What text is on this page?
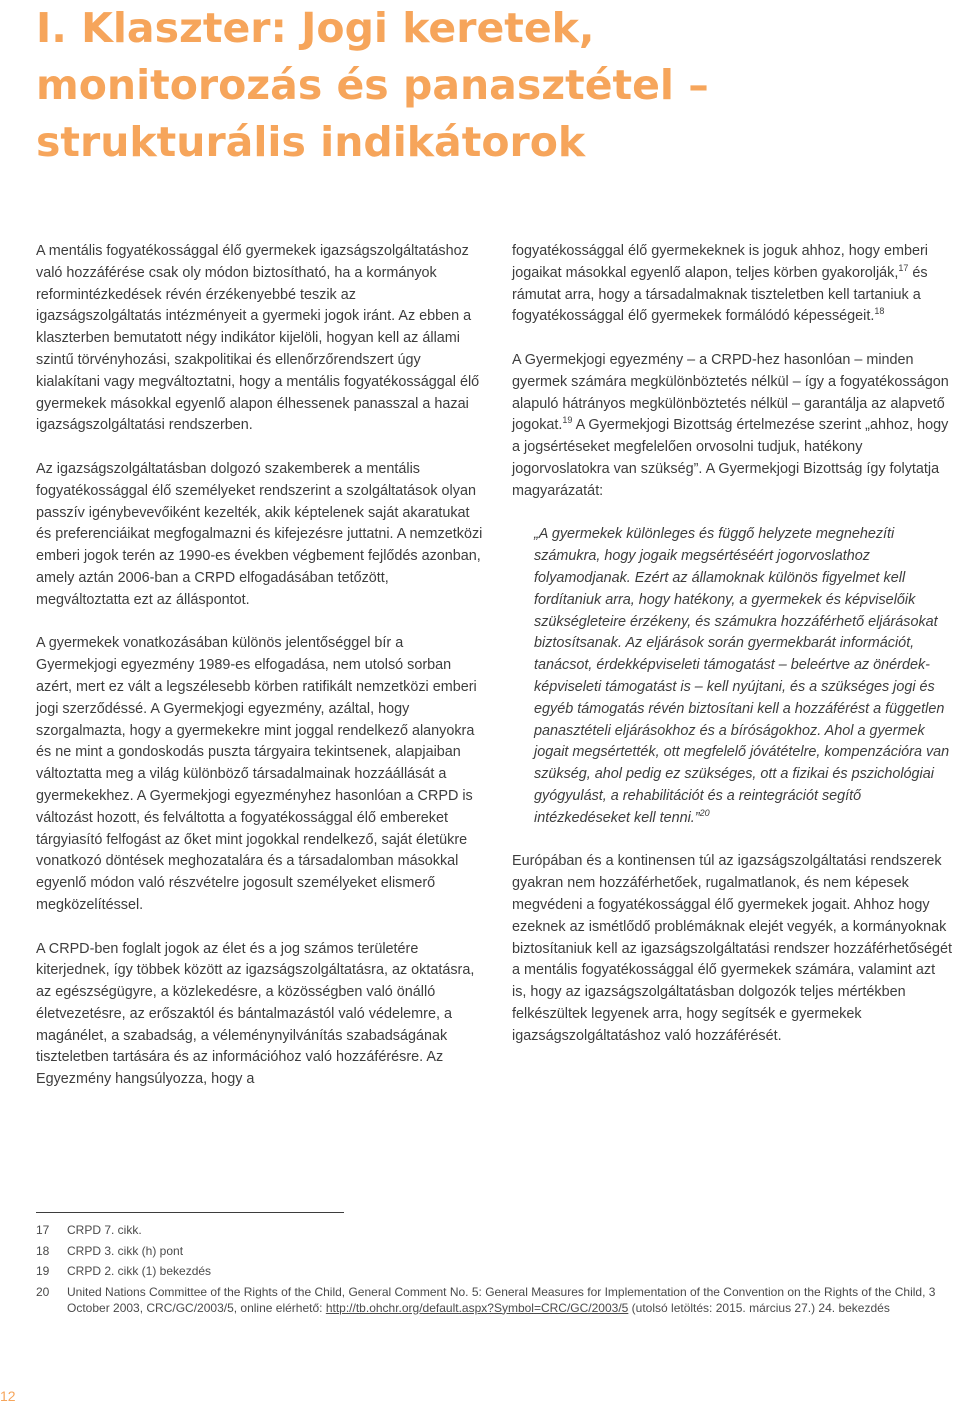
I. Klaszter: Jogi keretek,
monitorozás és panasztétel –
strukturális indikátorok

A mentális fogyatékossággal élő gyermekek igazságszolgáltatáshoz való hozzáférése csak oly módon biztosítható, ha a kormányok reformintézkedések révén érzékenyebbé teszik az igazságszolgáltatás intézményeit a gyermeki jogok iránt. Az ebben a klaszterben bemutatott négy indikátor kijelöli, hogyan kell az állami szintű törvényhozási, szakpolitikai és ellenőrzőrendszert úgy kialakítani vagy megváltoztatni, hogy a mentális fogyatékossággal élő gyermekek másokkal egyenlő alapon élhessenek panasszal a hazai igazságszolgáltatási rendszerben.

Az igazságszolgáltatásban dolgozó szakemberek a mentális fogyatékossággal élő személyeket rendszerint a szolgáltatások olyan passzív igénybevevőiként kezelték, akik képtelenek saját akaratukat és preferenciáikat megfogalmazni és kifejezésre juttatni. A nemzetközi emberi jogok terén az 1990-es években végbement fejlődés azonban, amely aztán 2006-ban a CRPD elfogadásában tetőzött, megváltoztatta ezt az álláspontot.

A gyermekek vonatkozásában különös jelentőséggel bír a Gyermekjogi egyezmény 1989-es elfogadása, nem utolsó sorban azért, mert ez vált a legszélesebb körben ratifikált nemzetközi emberi jogi szerződéssé. A Gyermekjogi egyezmény, azáltal, hogy szorgalmazta, hogy a gyermekekre mint joggal rendelkező alanyokra és ne mint a gondoskodás puszta tárgyaira tekintsenek, alapjaiban változtatta meg a világ különböző társadalmainak hozzáállását a gyermekekhez. A Gyermekjogi egyezményhez hasonlóan a CRPD is változást hozott, és felváltotta a fogyatékossággal élő embereket tárgyiasító felfogást az őket mint jogokkal rendelkező, saját életükre vonatkozó döntések meghozatalára és a társadalomban másokkal egyenlő módon való részvételre jogosult személyeket elismerő megközelítéssel.

A CRPD-ben foglalt jogok az élet és a jog számos területére kiterjednek, így többek között az igazságszolgáltatásra, az oktatásra, az egészségügyre, a közlekedésre, a közösségben való önálló életvezetésre, az erőszaktól és bántalmazástól való védelemre, a magánélet, a szabadság, a véleménynyilvánítás szabadságának tiszteletben tartására és az információhoz való hozzáférésre. Az Egyezmény hangsúlyozza, hogy a

fogyatékossággal élő gyermekeknek is joguk ahhoz, hogy emberi jogaikat másokkal egyenlő alapon, teljes körben gyakorolják,$^{17}$ és rámutat arra, hogy a társadalmaknak tiszteletben kell tartaniuk a fogyatékossággal élő gyermekek formálódó képességeit.$^{18}$

A Gyermekjogi egyezmény – a CRPD-hez hasonlóan – minden gyermek számára megkülönböztetés nélkül – így a fogyatékosságon alapuló hátrányos megkülönböztetés nélkül – garantálja az alapvető jogokat.$^{19}$ A Gyermekjogi Bizottság értelmezése szerint „ahhoz, hogy a jogsértéseket megfelelően orvosolni tudjuk, hatékony jogorvoslatokra van szükség”. A Gyermekjogi Bizottság így folytatja magyarázatát:

„A gyermekek különleges és függő helyzete megnehezíti számukra, hogy jogaik megsértéséért jogorvoslathoz folyamodjanak. Ezért az államoknak különös figyelmet kell fordítaniuk arra, hogy hatékony, a gyermekek és képviselőik szükségleteire érzékeny, és számukra hozzáférhető eljárásokat biztosítsanak. Az eljárások során gyermekbarát információt, tanácsot, érdekképviseleti támogatást – beleértve az önérdek-képviseleti támogatást is – kell nyújtani, és a szükséges jogi és egyéb támogatás révén biztosítani kell a hozzáférést a független panasztételi eljárásokhoz és a bíróságokhoz. Ahol a gyermek jogait megsértették, ott megfelelő jóvátételre, kompenzációra van szükség, ahol pedig ez szükséges, ott a fizikai és pszichológiai gyógyulást, a rehabilitációt és a reintegrációt segítő intézkedéseket kell tenni.”$^{20}$

Európában és a kontinensen túl az igazságszolgáltatási rendszerek gyakran nem hozzáférhetőek, rugalmatlanok, és nem képesek megvédeni a fogyatékossággal élő gyermekek jogait. Ahhoz hogy ezeknek az ismétlődő problémáknak elejét vegyék, a kormányoknak biztosítaniuk kell az igazságszolgáltatási rendszer hozzáférhetőségét a mentális fogyatékossággal élő gyermekek számára, valamint azt is, hogy az igazságszolgáltatásban dolgozók teljes mértékben felkészültek legyenek arra, hogy segítsék e gyermekek igazságszolgáltatáshoz való hozzáférését.

17	CRPD 7. cikk.
18	CRPD 3. cikk (h) pont
19	CRPD 2. cikk (1) bekezdés
20	United Nations Committee of the Rights of the Child, General Comment No. 5: General Measures for Implementation of the Convention on the Rights of the Child, 3 October 2003, CRC/GC/2003/5, online elérhető: http://tb.ohchr.org/default.aspx?Symbol=CRC/GC/2003/5 (utolsó letöltés: 2015. március 27.) 24. bekezdés
12
